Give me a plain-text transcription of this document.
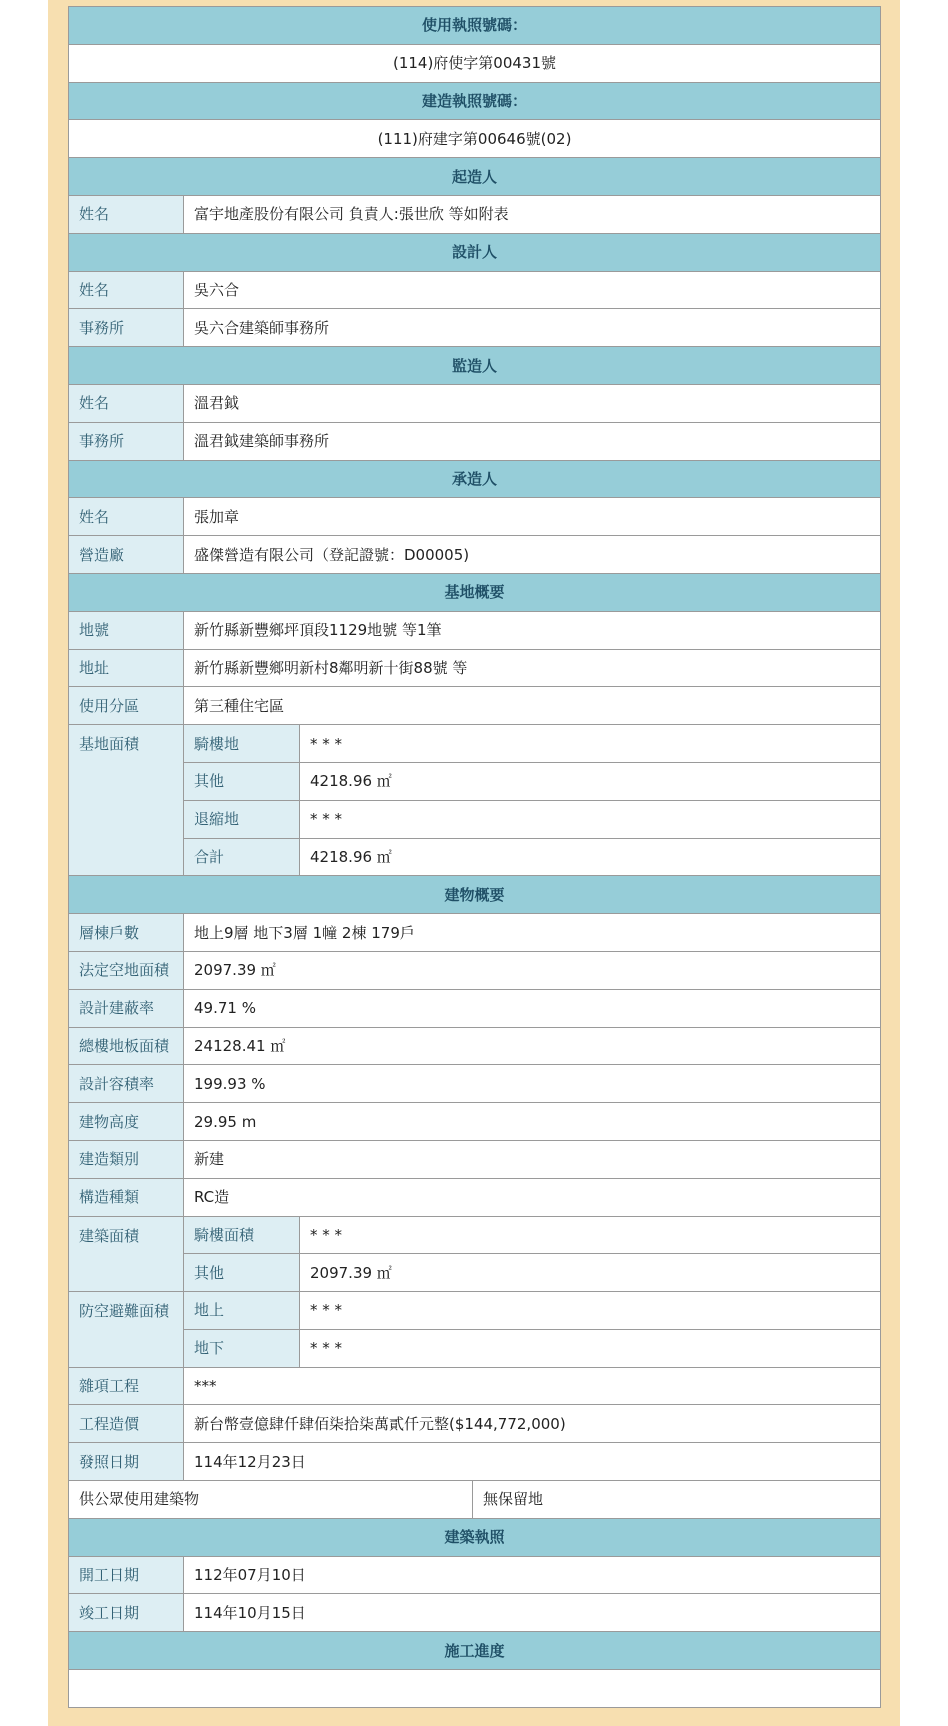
使用執照號碼：			
(114)府使字第00431號			
建造執照號碼：			
(111)府建字第00646號(02)			
起造人			
姓名	富宇地產股份有限公司 負責人:張世欣 等如附表		
設計人			
姓名	吳六合		
事務所	吳六合建築師事務所		
監造人			
姓名	溫君鉞		
事務所	溫君鉞建築師事務所		
承造人			
姓名	張加章		
營造廠	盛傑營造有限公司（登記證號：D00005)		
基地概要			
地號	新竹縣新豐鄉坪頂段1129地號 等1筆		
地址	新竹縣新豐鄉明新村8鄰明新十街88號 等		
使用分區	第三種住宅區		
基地面積	騎樓地	* * *	
	其他	4218.96 ㎡	
	退縮地	* * *	
	合計	4218.96 ㎡	
建物概要			
層棟戶數	地上9層 地下3層 1幢 2棟 179戶		
法定空地面積	2097.39 ㎡		
設計建蔽率	49.71 %		
總樓地板面積	24128.41 ㎡		
設計容積率	199.93 %		
建物高度	29.95 m		
建造類別	新建		
構造種類	RC造		
建築面積	騎樓面積	* * *	
	其他	2097.39 ㎡	
防空避難面積	地上	* * *	
	地下	* * *	
雜項工程	***		
工程造價	新台幣壹億肆仟肆佰柒拾柒萬貳仟元整($144,772,000)		
發照日期	114年12月23日		
供公眾使用建築物			無保留地
建築執照			
開工日期	112年07月10日		
竣工日期	114年10月15日		
施工進度			
